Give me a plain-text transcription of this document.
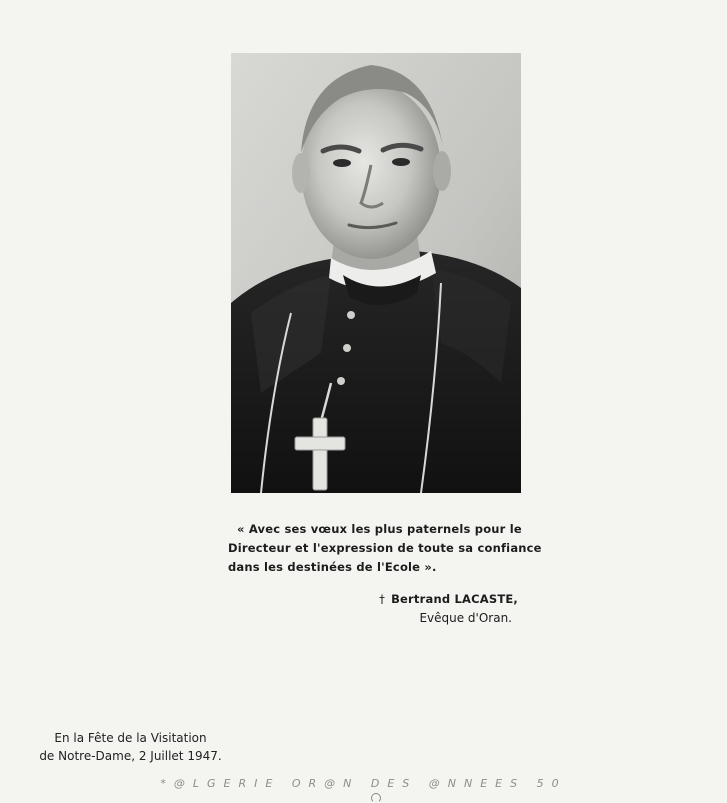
« Avec ses vœux les plus paternels pour le
Directeur et l'expression de toute sa confiance
dans les destinées de l'Ecole ».
† Bertrand LACASTE,
Evêque d'Oran.
En la Fête de la Visitation
de Notre-Dame, 2 Juillet 1947.
*@LGERIE OR@N DES @NNEES 50
